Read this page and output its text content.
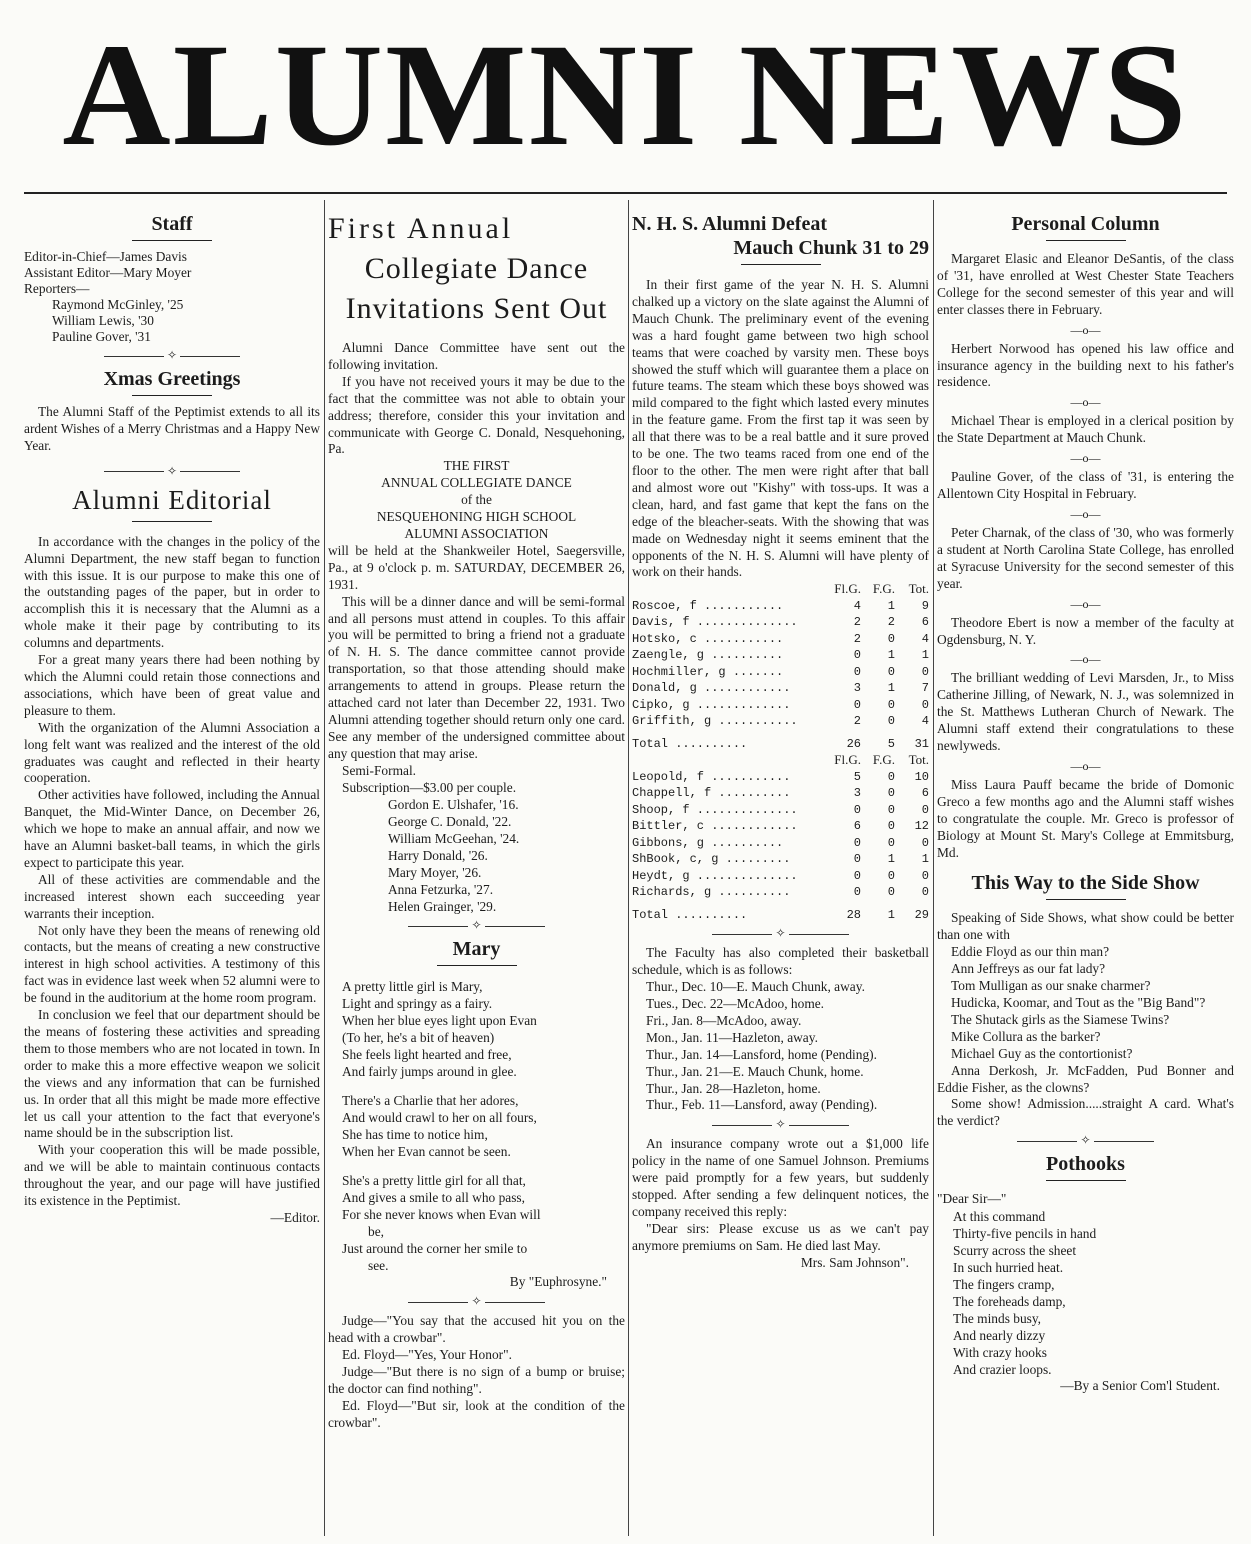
ALUMNI NEWS
Staff
Editor-in-Chief—James Davis
Assistant Editor—Mary Moyer
Reporters—
Raymond McGinley, '25
William Lewis, '30
Pauline Gover, '31
✧
Xmas Greetings

The Alumni Staff of the Peptimist extends to all its ardent Wishes of a Merry Christmas and a Happy New Year.

✧
Alumni Editorial

In accordance with the changes in the policy of the Alumni Department, the new staff began to function with this issue. It is our purpose to make this one of the outstanding pages of the paper, but in order to accomplish this it is necessary that the Alumni as a whole make it their page by contributing to its columns and departments.

For a great many years there had been nothing by which the Alumni could retain those connections and associations, which have been of great value and pleasure to them.

With the organization of the Alumni Association a long felt want was realized and the interest of the old graduates was caught and reflected in their hearty cooperation.

Other activities have followed, including the Annual Banquet, the Mid-Winter Dance, on December 26, which we hope to make an annual affair, and now we have an Alumni basket-ball teams, in which the girls expect to participate this year.

All of these activities are commendable and the increased interest shown each succeeding year warrants their inception.

Not only have they been the means of renewing old contacts, but the means of creating a new constructive interest in high school activities. A testimony of this fact was in evidence last week when 52 alumni were to be found in the auditorium at the home room program.

In conclusion we feel that our department should be the means of fostering these activities and spreading them to those members who are not located in town. In order to make this a more effective weapon we solicit the views and any information that can be furnished us. In order that all this might be made more effective let us call your attention to the fact that everyone's name should be in the subscription list.

With your cooperation this will be made possible, and we will be able to maintain continuous contacts throughout the year, and our page will have justified its existence in the Peptimist.

—Editor.

First Annual
Collegiate Dance
Invitations Sent Out

Alumni Dance Committee have sent out the following invitation.

If you have not received yours it may be due to the fact that the committee was not able to obtain your address; therefore, consider this your invitation and communicate with George C. Donald, Nesquehoning, Pa.

THE FIRST

ANNUAL COLLEGIATE DANCE

of the

NESQUEHONING HIGH SCHOOL

ALUMNI ASSOCIATION

will be held at the Shankweiler Hotel, Saegersville, Pa., at 9 o'clock p. m. SATURDAY, DECEMBER 26, 1931.

This will be a dinner dance and will be semi-formal and all persons must attend in couples. To this affair you will be permitted to bring a friend not a graduate of N. H. S. The dance committee cannot provide transportation, so that those attending should make arrangements to attend in groups. Please return the attached card not later than December 22, 1931. Two Alumni attending together should return only one card. See any member of the undersigned committee about any question that may arise.

Semi-Formal.

Subscription—$3.00 per couple.

Gordon E. Ulshafer, '16.
George C. Donald, '22.
William McGeehan, '24.
Harry Donald, '26.
Mary Moyer, '26.
Anna Fetzurka, '27.
Helen Grainger, '29.
✧
Mary
A pretty little girl is Mary,
Light and springy as a fairy.
When her blue eyes light upon Evan
(To her, he's a bit of heaven)
She feels light hearted and free,
And fairly jumps around in glee.
There's a Charlie that her adores,
And would crawl to her on all fours,
She has time to notice him,
When her Evan cannot be seen.
She's a pretty little girl for all that,
And gives a smile to all who pass,
For she never knows when Evan will
be,
Just around the corner her smile to
see.

By "Euphrosyne."

✧

Judge—"You say that the accused hit you on the head with a crowbar".

Ed. Floyd—"Yes, Your Honor".

Judge—"But there is no sign of a bump or bruise; the doctor can find nothing".

Ed. Floyd—"But sir, look at the condition of the crowbar".

N. H. S. Alumni Defeat
Mauch Chunk 31 to 29

In their first game of the year N. H. S. Alumni chalked up a victory on the slate against the Alumni of Mauch Chunk. The preliminary event of the evening was a hard fought game between two high school teams that were coached by varsity men. These boys showed the stuff which will guarantee them a place on future teams. The steam which these boys showed was mild compared to the fight which lasted every minutes in the feature game. From the first tap it was seen by all that there was to be a real battle and it sure proved to be one. The two teams raced from one end of the floor to the other. The men were right after that ball and almost wore out "Kishy" with toss-ups. It was a clean, hard, and fast game that kept the fans on the edge of the bleacher-seats. With the showing that was made on Wednesday night it seems eminent that the opponents of the N. H. S. Alumni will have plenty of work on their hands.

	Fl.G.	F.G.	Tot.
Roscoe, f ...........	4	1	9
Davis, f ..............	2	2	6
Hotsko, c ...........	2	0	4
Zaengle, g ..........	0	1	1
Hochmiller, g .......	0	0	0
Donald, g ............	3	1	7
Cipko, g .............	0	0	0
Griffith, g ...........	2	0	4
Total ..........	26	5	31
	Fl.G.	F.G.	Tot.
Leopold, f ...........	5	0	10
Chappell, f ..........	3	0	6
Shoop, f ..............	0	0	0
Bittler, c ............	6	0	12
Gibbons, g ..........	0	0	0
ShBook, c, g .........	0	1	1
Heydt, g ..............	0	0	0
Richards, g ..........	0	0	0
Total ..........	28	1	29
✧

The Faculty has also completed their basketball schedule, which is as follows:

Thur., Dec. 10—E. Mauch Chunk, away.

Tues., Dec. 22—McAdoo, home.

Fri., Jan. 8—McAdoo, away.

Mon., Jan. 11—Hazleton, away.

Thur., Jan. 14—Lansford, home (Pending).

Thur., Jan. 21—E. Mauch Chunk, home.

Thur., Jan. 28—Hazleton, home.

Thur., Feb. 11—Lansford, away (Pending).

✧

An insurance company wrote out a $1,000 life policy in the name of one Samuel Johnson. Premiums were paid promptly for a few years, but suddenly stopped. After sending a few delinquent notices, the company received this reply:

"Dear sirs: Please excuse us as we can't pay anymore premiums on Sam. He died last May.

Mrs. Sam Johnson".

Personal Column

Margaret Elasic and Eleanor DeSantis, of the class of '31, have enrolled at West Chester State Teachers College for the second semester of this year and will enter classes there in February.

—o—

Herbert Norwood has opened his law office and insurance agency in the building next to his father's residence.

—o—

Michael Thear is employed in a clerical position by the State Department at Mauch Chunk.

—o—

Pauline Gover, of the class of '31, is entering the Allentown City Hospital in February.

—o—

Peter Charnak, of the class of '30, who was formerly a student at North Carolina State College, has enrolled at Syracuse University for the second semester of this year.

—o—

Theodore Ebert is now a member of the faculty at Ogdensburg, N. Y.

—o—

The brilliant wedding of Levi Marsden, Jr., to Miss Catherine Jilling, of Newark, N. J., was solemnized in the St. Matthews Lutheran Church of Newark. The Alumni staff extend their congratulations to these newlyweds.

—o—

Miss Laura Pauff became the bride of Domonic Greco a few months ago and the Alumni staff wishes to congratulate the couple. Mr. Greco is professor of Biology at Mount St. Mary's College at Emmitsburg, Md.

This Way to the Side Show

Speaking of Side Shows, what show could be better than one with

Eddie Floyd as our thin man?

Ann Jeffreys as our fat lady?

Tom Mulligan as our snake charmer?

Hudicka, Koomar, and Tout as the "Big Band"?

The Shutack girls as the Siamese Twins?

Mike Collura as the barker?

Michael Guy as the contortionist?

Anna Derkosh, Jr. McFadden, Pud Bonner and Eddie Fisher, as the clowns?

Some show! Admission.....straight A card. What's the verdict?

✧
Pothooks

"Dear Sir—"

At this command
Thirty-five pencils in hand
Scurry across the sheet
In such hurried heat.
The fingers cramp,
The foreheads damp,
The minds busy,
And nearly dizzy
With crazy hooks
And crazier loops.

—By a Senior Com'l Student.
